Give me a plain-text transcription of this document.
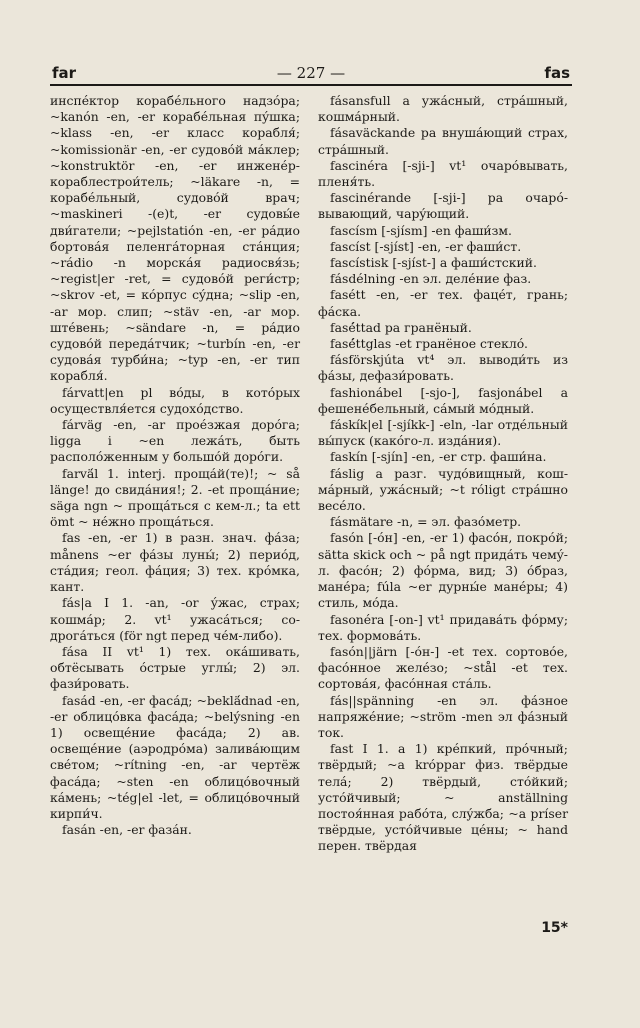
far	— 227 —	fas

инспéктор корабéльного надзóра; ~kanón -en, -er корабéльная пýшка; ~klass -en, -er класс корабля́; ~komissionär -en, -er судовóй мáклер; ~konstruktör -en, -er инженéр-кораблестрои́тель; ~läkare -n, = корабéльный, судовóй врач; ~maskineri -(e)t, -er судовы́е дви́гатели; ~pejlstatión -en, -er рáдио бортовáя пеленгáторная стáнция; ~rádio -n морскáя радиосвя́зь; ~regist|er -ret, = судовóй реги́стр; ~skrov -et, = кóрпус сýдна; ~slip -en, -ar мор. слип; ~stäv -en, -ar мор. штéвень; ~sändare -n, = рáдио судовóй передáтчик; ~turbín -en, -er судовáя турби́на; ~typ -en, -er тип корабля́.

fárvatt|en pl вóды, в котóрых осуществля́ется судохóдство.

fárväg -en, -ar проéзжая дорóга; ligga i ~en лежáть, быть располóженным у большóй дорóги.

farvä́l 1. interj. прощáй(те)!; ~ så länge! до свидáния!; 2. -et прощáние; säga ngn ~ прощáться с кем-л.; ta ett ömt ~ нéжно прощáться.

fas -en, -er 1) в разн. знач. фáза; månens ~er фáзы луны́; 2) периóд, стáдия; геол. фáция; 3) тех. крóмка, кант.

fás|a I 1. -an, -or ýжас, страх; кошмáр; 2. vt¹ ужасáться; содрогáться (för ngt перед чéм-либо).

fása II vt¹ 1) тех. окáшивать, обтёсывать óстрые углы́; 2) эл. фази́ровать.

fasád -en, -er фасáд; ~beklä́dnad -en, -er облицóвка фасáда; ~belýsning -en 1) освещéние фасáда; 2) ав. освещéние (аэродрóма) заливáющим свéтом; ~rítning -en, -ar чертёж фасáда; ~sten -en облицóвочный кáмень; ~tég|el -let, = облицóвочный кирпи́ч.

fasán -en, -er фазáн.

fásansfull a ужáсный, стрáшный, кошмáрный.

fásaväckande pa внушáющий страх, стрáшный.

fascinéra [-sji-] vt¹ очарóвывать, пленя́ть.

fascinérande [-sji-] pa очарóвывающий, чарýющий.

fascísm [-sjísm] -en фаши́зм.

fascíst [-sjíst] -en, -er фаши́ст.

fascístisk [-sjíst-] a фаши́стский.

fásdélning -en эл. делéние фаз.

fasétt -en, -er тех. фацéт, грань; фáска.

fasé́ttad pa гранёный.

fasé́ttglas -et гранёное стеклó.

fásförskjúta vt⁴ эл. выводи́ть из фáзы, дефази́ровать.

fashionábel [-sjo-], fasjonábel a фешенéбельный, сáмый мóдный.

fáskík|el [-sjíkk-] -eln, -lar отдéльный вы́пуск (какóго-л. издáния).

faskín [-sjín] -en, -er стр. фаши́на.

fáslig a разг. чудóвищный, кошмáрный, ужáсный; ~t róligt стрáшно весéло.

fásmätare -n, = эл. фазóметр.

fasón [-óн] -en, -er 1) фасóн, покрóй; sätta skick och ~ på ngt придáть чемý-л. фасóн; 2) фóрма, вид; 3) óбраз, манéра; fúla ~er дурны́е манéры; 4) стиль, мóда.

fasonéra [-on-] vt¹ придавáть фóрму; тех. формовáть.

fasón||järn [-óн-] -et тех. сортовóе, фасóнное желéзо; ~stål -et тех. сортовáя, фасóнная стáль.

fás||spänning -en эл. фáзное напряжéние; ~ström -men эл фáзный ток.

fast I 1. a 1) крéпкий, прóчный; твёрдый; ~a króppar физ. твёрдые телá; 2) твёрдый, стóйкий; устóйчивый; ~ anställning постоя́нная рабóта, слýжба; ~a príser твёрдые, устóйчивые цéны; ~ hand перен. твёрдая

15*
